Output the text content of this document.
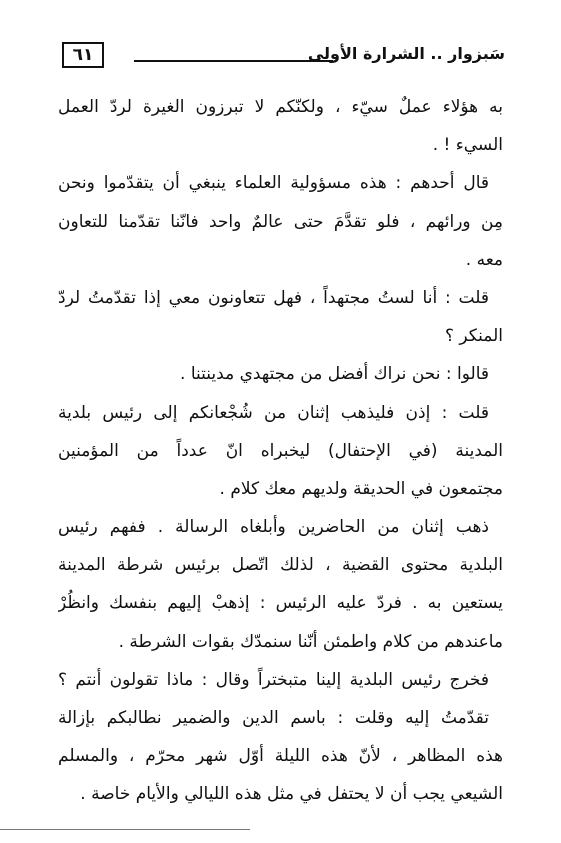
٦١	سَبزوار .. الشرارة الأولى
به هؤلاء عملٌ سيّء ، ولكنّكم لا تبرزون الغيرة لردّ العمل
السيء ! .
قال أحدهم : هذه مسؤولية العلماء ينبغي أن يتقدّموا ونحن
مِن ورائهم ، فلو تقدَّمَ حتى عالمٌ واحد فانّنا تقدّمنا للتعاون
معه .
قلت : أنا لستُ مجتهداً ، فهل تتعاونون معي إذا تقدّمتُ لردّ
المنكر ؟
قالوا : نحن نراك أفضل من مجتهدي مدينتنا .
قلت : إذن فليذهب إثنان من شُجْعانكم إلى رئيس بلدية
المدينة (في الإحتفال) ليخبراه انّ عدداً من المؤمنين
مجتمعون في الحديقة ولديهم معك كلام .
ذهب إثنان من الحاضرين وأبلغاه الرسالة . ففهم رئيس
البلدية محتوى القضية ، لذلك اتّصل برئيس شرطة المدينة
يستعين به . فردّ عليه الرئيس : إذهبْ إليهم بنفسك وانظُرْ
ماعندهم من كلام واطمئن أنّنا سنمدّك بقوات الشرطة .
فخرج رئيس البلدية إلينا متبختراً وقال : ماذا تقولون أنتم ؟
تقدّمتُ إليه وقلت : باسم الدين والضمير نطالبكم بإزالة
هذه المظاهر ، لأنّ هذه الليلة أوّل شهر محرّم ، والمسلم
الشيعي يجب أن لا يحتفل في مثل هذه الليالي والأيام خاصة .
